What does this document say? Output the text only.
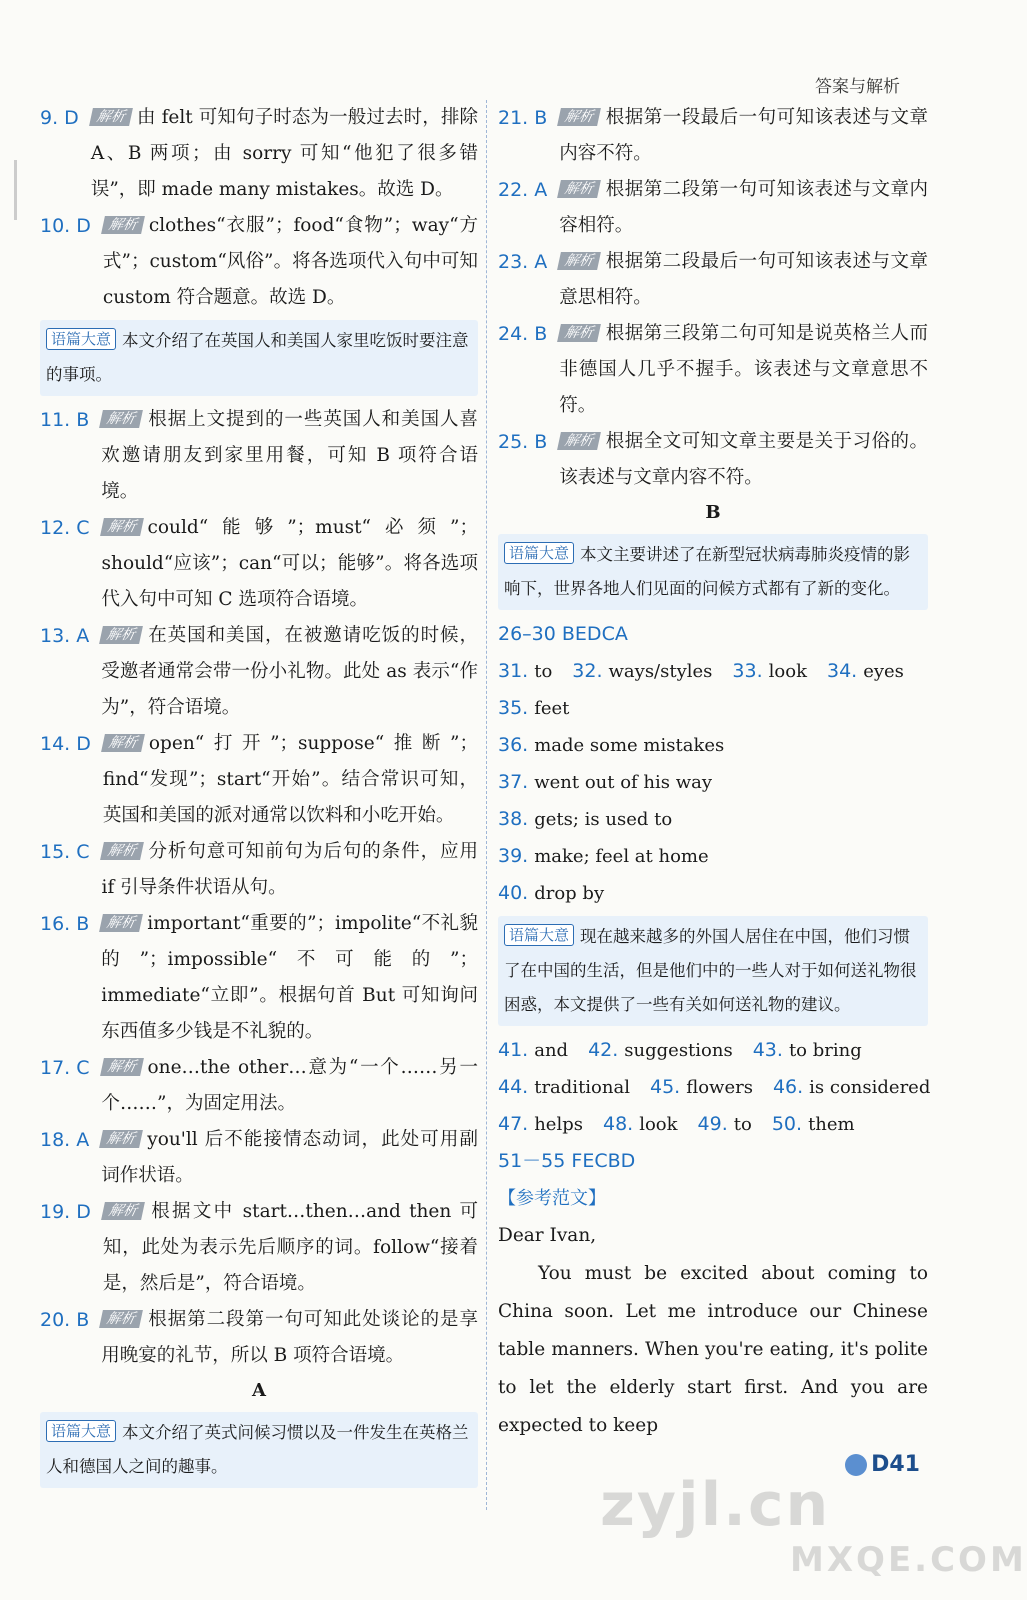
答案与解析
9. D	解析 由 felt 可知句子时态为一般过去时，排除 A、B 两项；由 sorry 可知“他犯了很多错误”，即 made many mistakes。故选 D。
10. D	解析 clothes“衣服”；food“食物”；way“方式”；custom“风俗”。将各选项代入句中可知 custom 符合题意。故选 D。
语篇大意 本文介绍了在英国人和美国人家里吃饭时要注意的事项。
11. B	解析 根据上文提到的一些英国人和美国人喜欢邀请朋友到家里用餐，可知 B 项符合语境。
12. C	解析 could“能够”；must“必须”；should“应该”；can“可以；能够”。将各选项代入句中可知 C 选项符合语境。
13. A	解析 在英国和美国，在被邀请吃饭的时候，受邀者通常会带一份小礼物。此处 as 表示“作为”，符合语境。
14. D	解析 open“打开”；suppose“推断”；find“发现”；start“开始”。结合常识可知，英国和美国的派对通常以饮料和小吃开始。
15. C	解析 分析句意可知前句为后句的条件，应用 if 引导条件状语从句。
16. B	解析 important“重要的”；impolite“不礼貌的”；impossible“不可能的”；immediate“立即”。根据句首 But 可知询问东西值多少钱是不礼貌的。
17. C	解析 one…the other…意为“一个……另一个……”，为固定用法。
18. A	解析 you'll 后不能接情态动词，此处可用副词作状语。
19. D	解析 根据文中 start…then…and then 可知，此处为表示先后顺序的词。follow“接着是，然后是”，符合语境。
20. B	解析 根据第二段第一句可知此处谈论的是享用晚宴的礼节，所以 B 项符合语境。
A
语篇大意 本文介绍了英式问候习惯以及一件发生在英格兰人和德国人之间的趣事。
21. B	解析 根据第一段最后一句可知该表述与文章内容不符。
22. A	解析 根据第二段第一句可知该表述与文章内容相符。
23. A	解析 根据第二段最后一句可知该表述与文章意思相符。
24. B	解析 根据第三段第二句可知是说英格兰人而非德国人几乎不握手。该表述与文章意思不符。
25. B	解析 根据全文可知文章主要是关于习俗的。该表述与文章内容不符。
B
语篇大意 本文主要讲述了在新型冠状病毒肺炎疫情的影响下，世界各地人们见面的问候方式都有了新的变化。
26–30 BEDCA
31. to 32. ways/styles 33. look 34. eyes
35. feet
36. made some mistakes
37. went out of his way
38. gets; is used to
39. make; feel at home
40. drop by
语篇大意 现在越来越多的外国人居住在中国，他们习惯了在中国的生活，但是他们中的一些人对于如何送礼物很困惑，本文提供了一些有关如何送礼物的建议。
41. and 42. suggestions 43. to bring
44. traditional 45. flowers 46. is considered
47. helps 48. look 49. to 50. them
51－55 FECBD
【参考范文】
Dear Ivan,
You must be excited about coming to China soon. Let me introduce our Chinese table manners. When you're eating, it's polite to let the elderly start first. And you are expected to keep
D41
zyjl.cn
MXQE.COM
